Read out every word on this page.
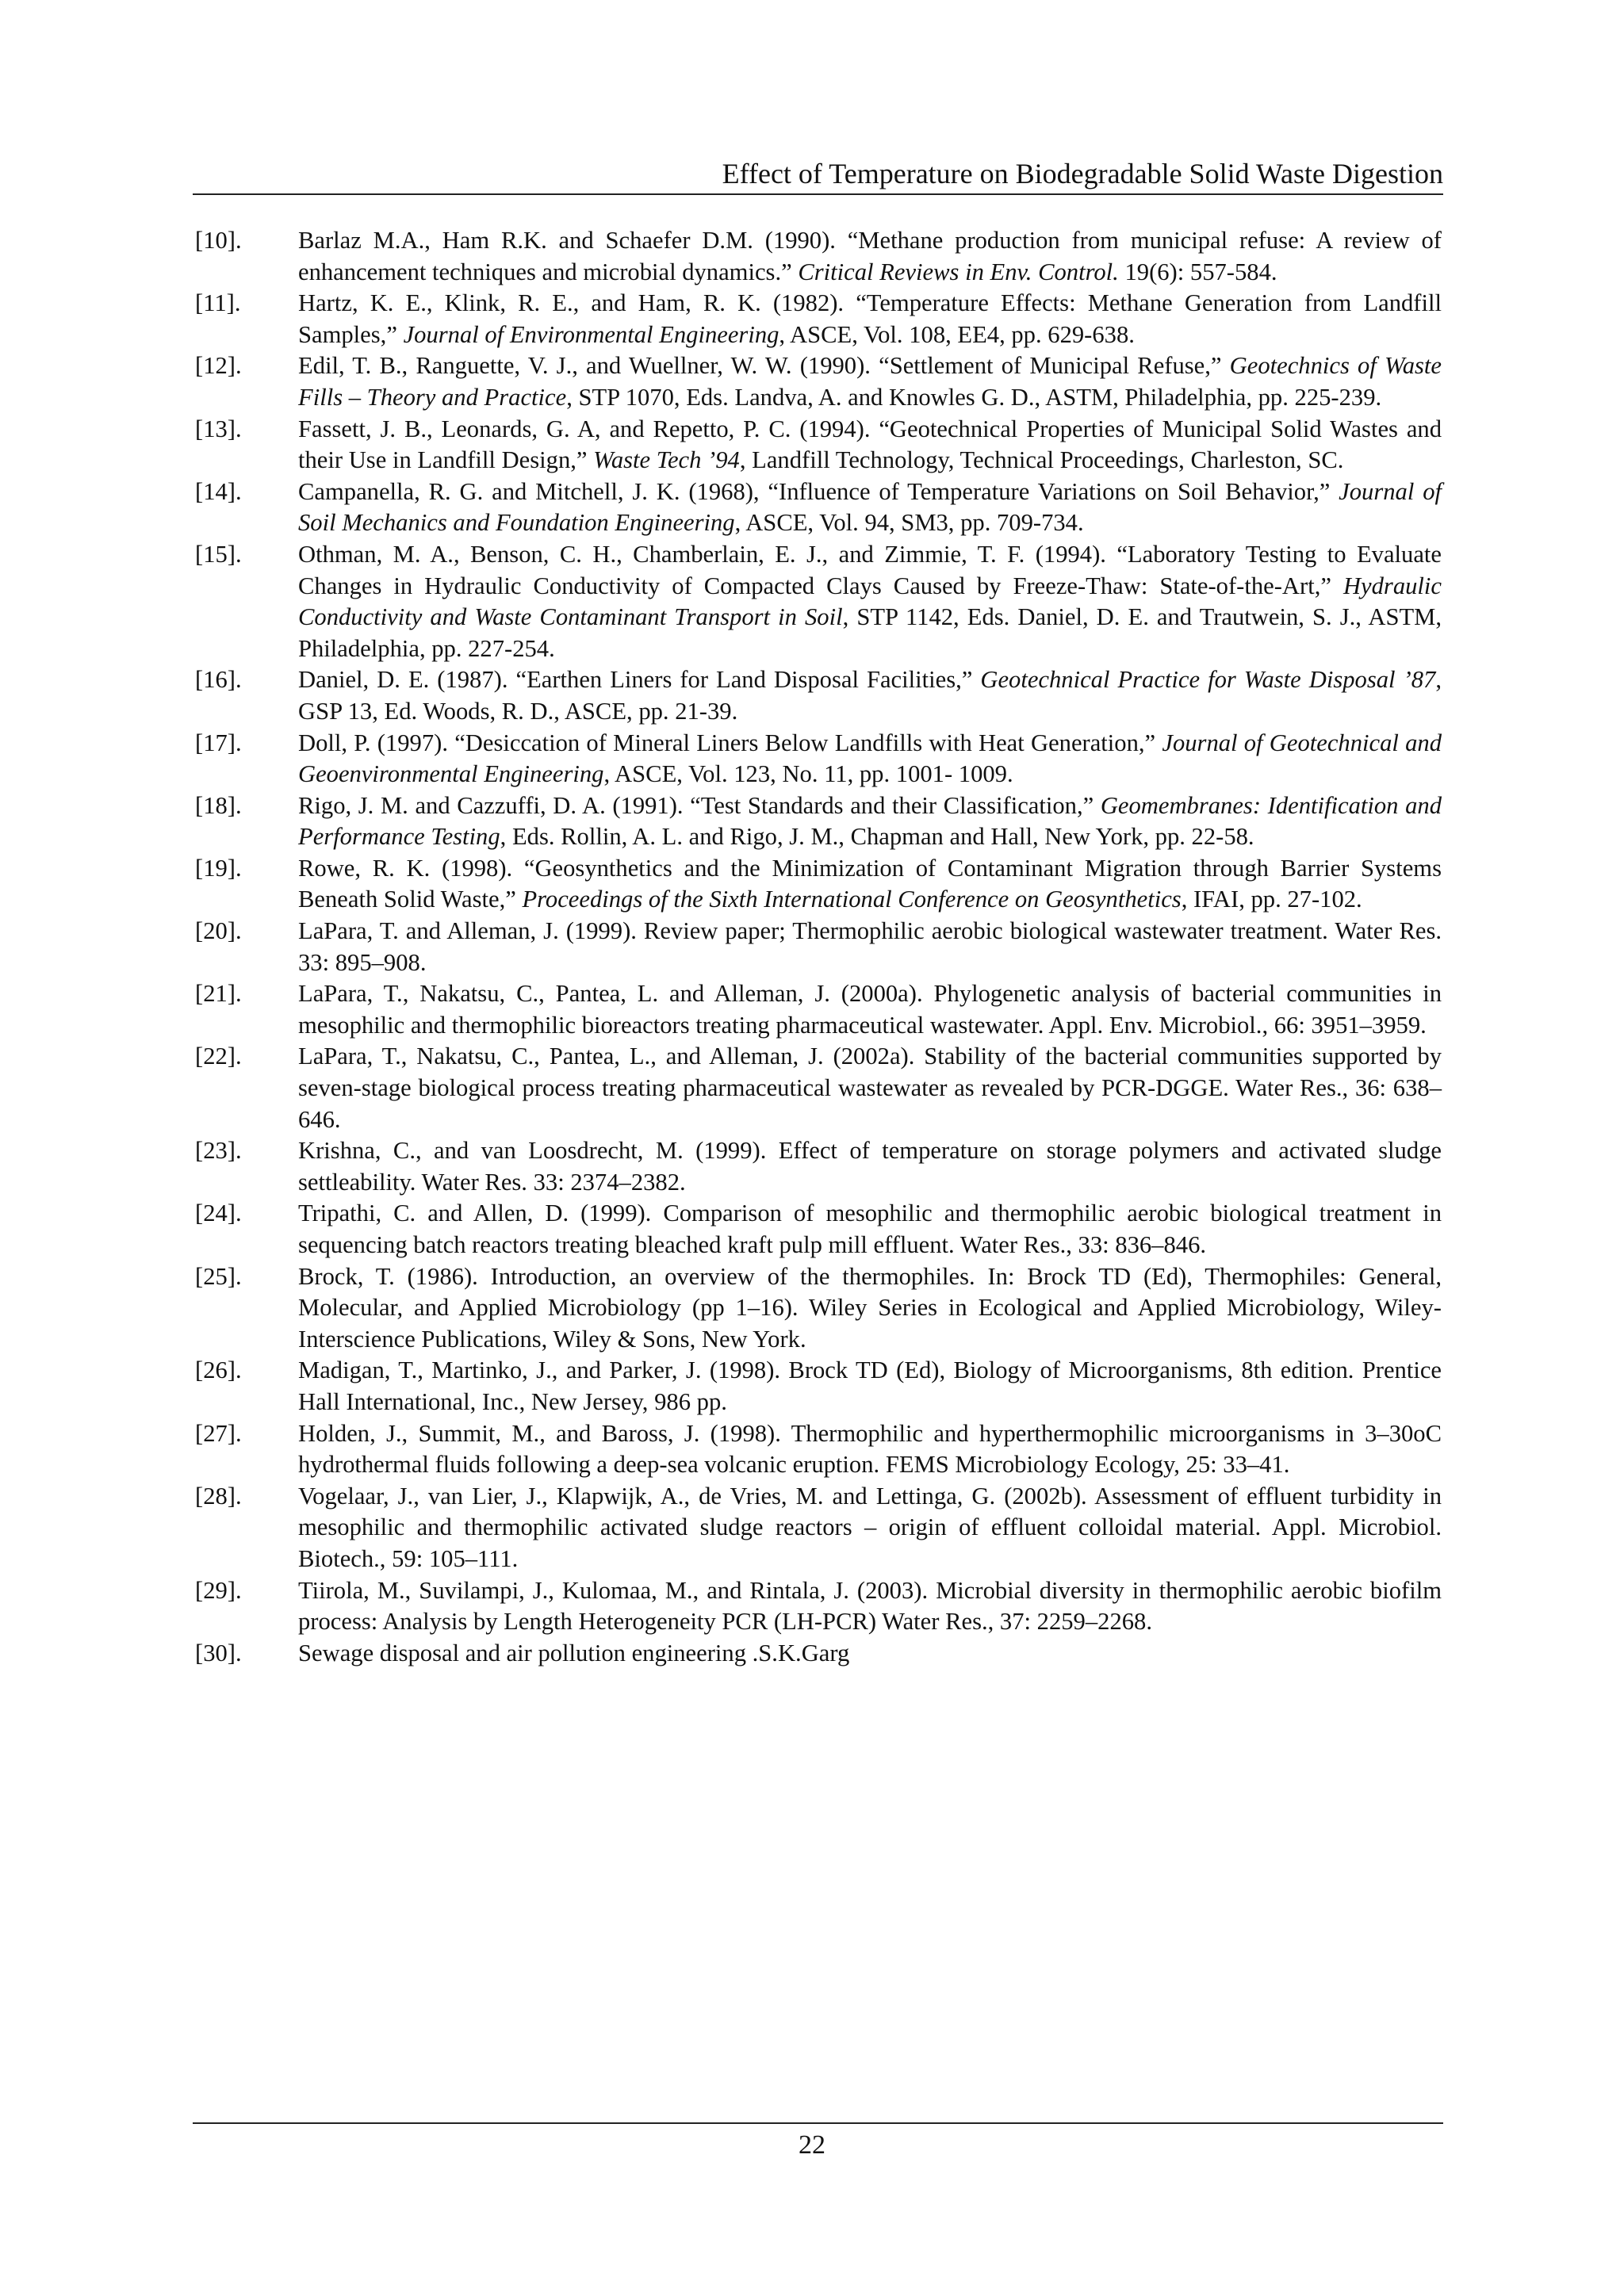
Effect of Temperature on Biodegradable Solid Waste Digestion
[10].	Barlaz M.A., Ham R.K. and Schaefer D.M. (1990). “Methane production from municipal refuse: A review of enhancement techniques and microbial dynamics.” Critical Reviews in Env. Control. 19(6): 557-584.
[11].	Hartz, K. E., Klink, R. E., and Ham, R. K. (1982). “Temperature Effects: Methane Generation from Landfill Samples,” Journal of Environmental Engineering, ASCE, Vol. 108, EE4, pp. 629-638.
[12].	Edil, T. B., Ranguette, V. J., and Wuellner, W. W. (1990). “Settlement of Municipal Refuse,” Geotechnics of Waste Fills – Theory and Practice, STP 1070, Eds. Landva, A. and Knowles G. D., ASTM, Philadelphia, pp. 225-239.
[13].	Fassett, J. B., Leonards, G. A, and Repetto, P. C. (1994). “Geotechnical Properties of Municipal Solid Wastes and their Use in Landfill Design,” Waste Tech ’94, Landfill Technology, Technical Proceedings, Charleston, SC.
[14].	Campanella, R. G. and Mitchell, J. K. (1968), “Influence of Temperature Variations on Soil Behavior,” Journal of Soil Mechanics and Foundation Engineering, ASCE, Vol. 94, SM3, pp. 709-734.
[15].	Othman, M. A., Benson, C. H., Chamberlain, E. J., and Zimmie, T. F. (1994). “Laboratory Testing to Evaluate Changes in Hydraulic Conductivity of Compacted Clays Caused by Freeze-Thaw: State-of-the-Art,” Hydraulic Conductivity and Waste Contaminant Transport in Soil, STP 1142, Eds. Daniel, D. E. and Trautwein, S. J., ASTM, Philadelphia, pp. 227-254.
[16].	Daniel, D. E. (1987). “Earthen Liners for Land Disposal Facilities,” Geotechnical Practice for Waste Disposal ’87, GSP 13, Ed. Woods, R. D., ASCE, pp. 21-39.
[17].	Doll, P. (1997). “Desiccation of Mineral Liners Below Landfills with Heat Generation,” Journal of Geotechnical and Geoenvironmental Engineering, ASCE, Vol. 123, No. 11, pp. 1001- 1009.
[18].	Rigo, J. M. and Cazzuffi, D. A. (1991). “Test Standards and their Classification,” Geomembranes: Identification and Performance Testing, Eds. Rollin, A. L. and Rigo, J. M., Chapman and Hall, New York, pp. 22-58.
[19].	Rowe, R. K. (1998). “Geosynthetics and the Minimization of Contaminant Migration through Barrier Systems Beneath Solid Waste,” Proceedings of the Sixth International Conference on Geosynthetics, IFAI, pp. 27-102.
[20].	LaPara, T. and Alleman, J. (1999). Review paper; Thermophilic aerobic biological wastewater treatment. Water Res. 33: 895–908.
[21].	LaPara, T., Nakatsu, C., Pantea, L. and Alleman, J. (2000a). Phylogenetic analysis of bacterial communities in mesophilic and thermophilic bioreactors treating pharmaceutical wastewater. Appl. Env. Microbiol., 66: 3951–3959.
[22].	LaPara, T., Nakatsu, C., Pantea, L., and Alleman, J. (2002a). Stability of the bacterial communities supported by seven-stage biological process treating pharmaceutical wastewater as revealed by PCR-DGGE. Water Res., 36: 638–646.
[23].	Krishna, C., and van Loosdrecht, M. (1999). Effect of temperature on storage polymers and activated sludge settleability. Water Res. 33: 2374–2382.
[24].	Tripathi, C. and Allen, D. (1999). Comparison of mesophilic and thermophilic aerobic biological treatment in sequencing batch reactors treating bleached kraft pulp mill effluent. Water Res., 33: 836–846.
[25].	Brock, T. (1986). Introduction, an overview of the thermophiles. In: Brock TD (Ed), Thermophiles: General, Molecular, and Applied Microbiology (pp 1–16). Wiley Series in Ecological and Applied Microbiology, Wiley-Interscience Publications, Wiley & Sons, New York.
[26].	Madigan, T., Martinko, J., and Parker, J. (1998). Brock TD (Ed), Biology of Microorganisms, 8th edition. Prentice Hall International, Inc., New Jersey, 986 pp.
[27].	Holden, J., Summit, M., and Baross, J. (1998). Thermophilic and hyperthermophilic microorganisms in 3–30oC hydrothermal fluids following a deep-sea volcanic eruption. FEMS Microbiology Ecology, 25: 33–41.
[28].	Vogelaar, J., van Lier, J., Klapwijk, A., de Vries, M. and Lettinga, G. (2002b). Assessment of effluent turbidity in mesophilic and thermophilic activated sludge reactors – origin of effluent colloidal material. Appl. Microbiol. Biotech., 59: 105–111.
[29].	Tiirola, M., Suvilampi, J., Kulomaa, M., and Rintala, J. (2003). Microbial diversity in thermophilic aerobic biofilm process: Analysis by Length Heterogeneity PCR (LH-PCR) Water Res., 37: 2259–2268.
[30].	Sewage disposal and air pollution engineering .S.K.Garg
22
